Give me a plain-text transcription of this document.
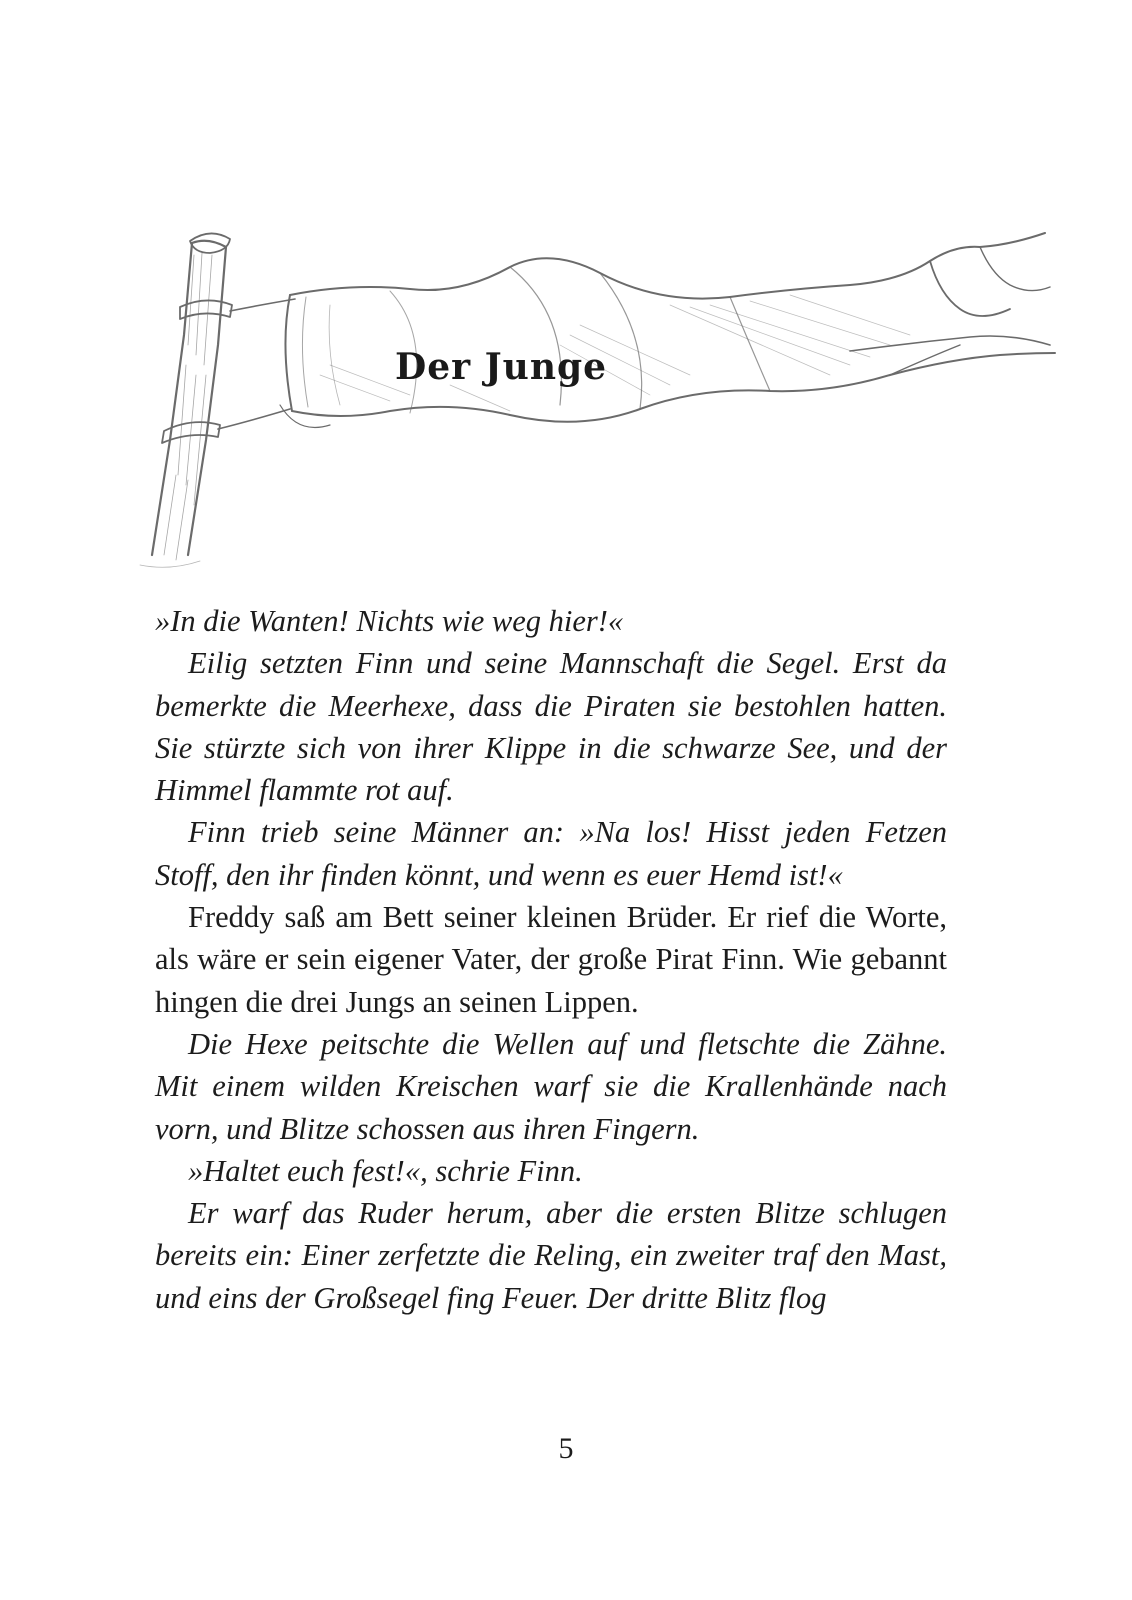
Der Junge

»In die Wanten! Nichts wie weg hier!«

Eilig setzten Finn und seine Mannschaft die Segel. Erst da bemerkte die Meerhexe, dass die Piraten sie bestohlen hatten. Sie stürzte sich von ihrer Klippe in die schwarze See, und der Himmel flammte rot auf.

Finn trieb seine Männer an: »Na los! Hisst jeden Fetzen Stoff, den ihr finden könnt, und wenn es euer Hemd ist!«

Freddy saß am Bett seiner kleinen Brüder. Er rief die Worte, als wäre er sein eigener Vater, der große Pirat Finn. Wie gebannt hingen die drei Jungs an seinen Lippen.

Die Hexe peitschte die Wellen auf und fletschte die Zähne. Mit einem wilden Kreischen warf sie die Krallenhände nach vorn, und Blitze schossen aus ihren Fingern.

»Haltet euch fest!«, schrie Finn.

Er warf das Ruder herum, aber die ersten Blitze schlugen bereits ein: Einer zerfetzte die Reling, ein zweiter traf den Mast, und eins der Großsegel fing Feuer. Der dritte Blitz flog

5
